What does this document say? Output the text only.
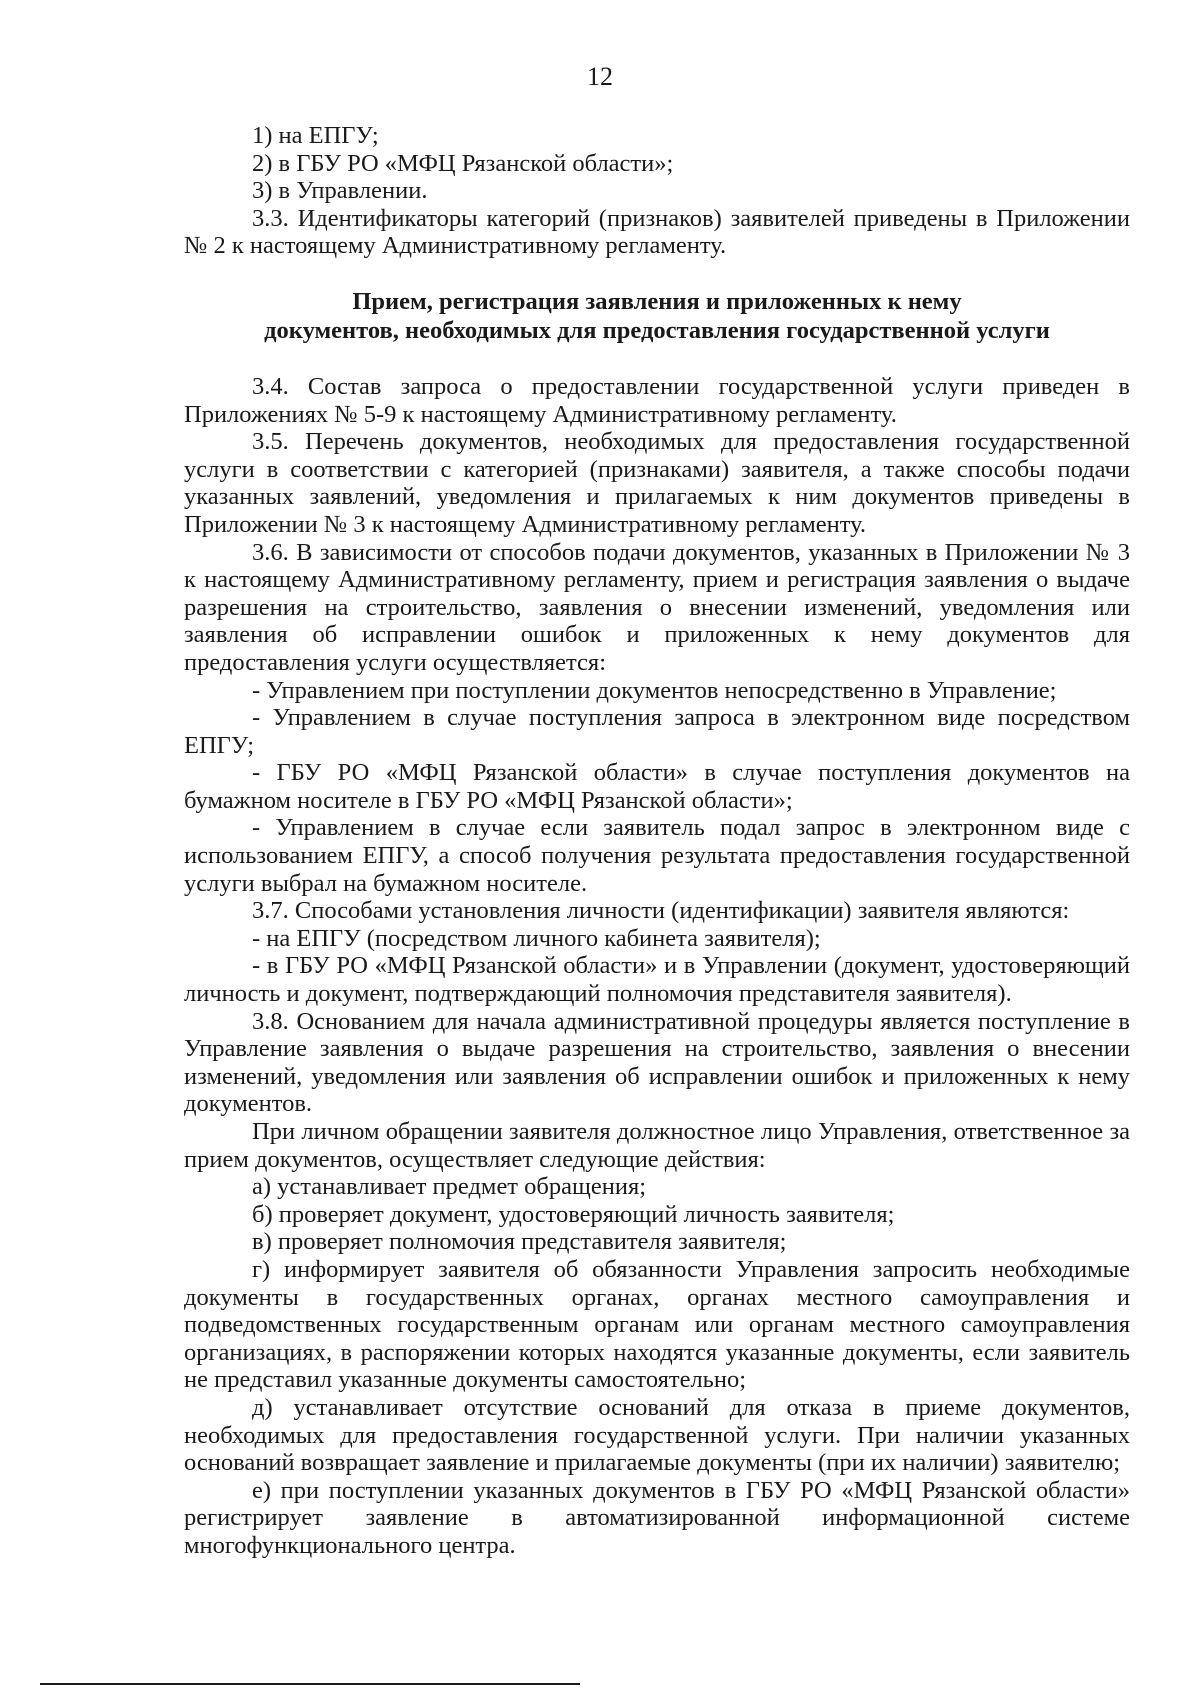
12

1) на ЕПГУ;

2) в ГБУ РО «МФЦ Рязанской области»;

3) в Управлении.

3.3. Идентификаторы категорий (признаков) заявителей приведены в Приложении № 2 к настоящему Административному регламенту.

Прием, регистрация заявления и приложенных к нему
документов, необходимых для предоставления государственной услуги

3.4. Состав запроса о предоставлении государственной услуги приведен в Приложениях № 5-9 к настоящему Административному регламенту.

3.5. Перечень документов, необходимых для предоставления государственной услуги в соответствии с категорией (признаками) заявителя, а также способы подачи указанных заявлений, уведомления и прилагаемых к ним документов приведены в Приложении № 3 к настоящему Административному регламенту.

3.6. В зависимости от способов подачи документов, указанных в Приложении № 3 к настоящему Административному регламенту, прием и регистрация заявления о выдаче разрешения на строительство, заявления о внесении изменений, уведомления или заявления об исправлении ошибок и приложенных к нему документов для предоставления услуги осуществляется:

- Управлением при поступлении документов непосредственно в Управление;

- Управлением в случае поступления запроса в электронном виде посредством ЕПГУ;

- ГБУ РО «МФЦ Рязанской области» в случае поступления документов на бумажном носителе в ГБУ РО «МФЦ Рязанской области»;

- Управлением в случае если заявитель подал запрос в электронном виде с использованием ЕПГУ, а способ получения результата предоставления государственной услуги выбрал на бумажном носителе.

3.7. Способами установления личности (идентификации) заявителя являются:

- на ЕПГУ (посредством личного кабинета заявителя);

- в ГБУ РО «МФЦ Рязанской области» и в Управлении (документ, удостоверяющий личность и документ, подтверждающий полномочия представителя заявителя).

3.8. Основанием для начала административной процедуры является поступление в Управление заявления о выдаче разрешения на строительство, заявления о внесении изменений, уведомления или заявления об исправлении ошибок и приложенных к нему документов.

При личном обращении заявителя должностное лицо Управления, ответственное за прием документов, осуществляет следующие действия:

а) устанавливает предмет обращения;

б) проверяет документ, удостоверяющий личность заявителя;

в) проверяет полномочия представителя заявителя;

г) информирует заявителя об обязанности Управления запросить необходимые документы в государственных органах, органах местного самоуправления и подведомственных государственным органам или органам местного самоуправления организациях, в распоряжении которых находятся указанные документы, если заявитель не представил указанные документы самостоятельно;

д) устанавливает отсутствие оснований для отказа в приеме документов, необходимых для предоставления государственной услуги. При наличии указанных оснований возвращает заявление и прилагаемые документы (при их наличии) заявителю;

е) при поступлении указанных документов в ГБУ РО «МФЦ Рязанской области» регистрирует заявление в автоматизированной информационной системе многофункционального центра.
